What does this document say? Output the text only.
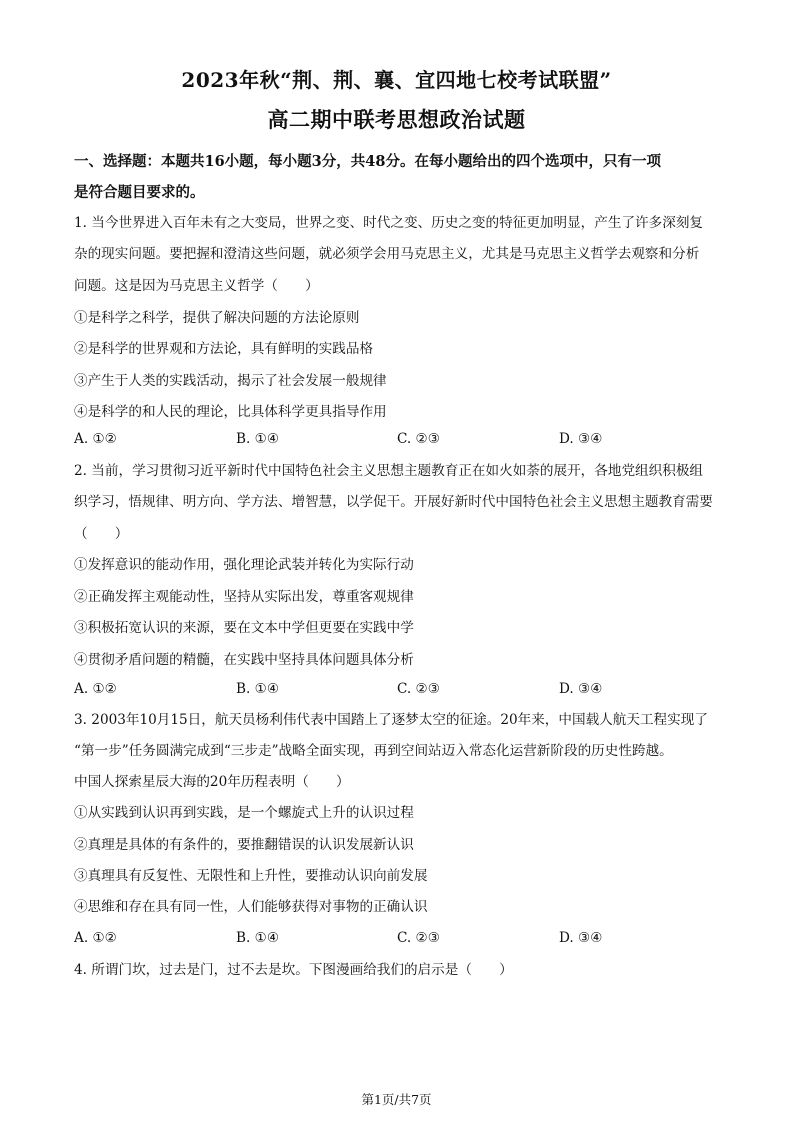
2023年秋“荆、荆、襄、宜四地七校考试联盟”
高二期中联考思想政治试题
一、选择题：本题共16小题，每小题3分，共48分。在每小题给出的四个选项中，只有一项
是符合题目要求的。
1. 当今世界进入百年未有之大变局，世界之变、时代之变、历史之变的特征更加明显，产生了许多深刻复
杂的现实问题。要把握和澄清这些问题，就必须学会用马克思主义，尤其是马克思主义哲学去观察和分析
问题。这是因为马克思主义哲学（　　）
①是科学之科学，提供了解决问题的方法论原则
②是科学的世界观和方法论，具有鲜明的实践品格
③产生于人类的实践活动，揭示了社会发展一般规律
④是科学的和人民的理论，比具体科学更具指导作用
A. ①②	B. ①④	C. ②③	D. ③④
2. 当前，学习贯彻习近平新时代中国特色社会主义思想主题教育正在如火如荼的展开，各地党组织积极组
织学习，悟规律、明方向、学方法、增智慧，以学促干。开展好新时代中国特色社会主义思想主题教育需要
（　　）
①发挥意识的能动作用，强化理论武装并转化为实际行动
②正确发挥主观能动性，坚持从实际出发，尊重客观规律
③积极拓宽认识的来源，要在文本中学但更要在实践中学
④贯彻矛盾问题的精髓，在实践中坚持具体问题具体分析
A. ①②	B. ①④	C. ②③	D. ③④
3. 2003年10月15日，航天员杨利伟代表中国踏上了逐梦太空的征途。20年来，中国载人航天工程实现了
“第一步”任务圆满完成到“三步走”战略全面实现，再到空间站迈入常态化运营新阶段的历史性跨越。
中国人探索星辰大海的20年历程表明（　　）
①从实践到认识再到实践，是一个螺旋式上升的认识过程
②真理是具体的有条件的，要推翻错误的认识发展新认识
③真理具有反复性、无限性和上升性，要推动认识向前发展
④思维和存在具有同一性，人们能够获得对事物的正确认识
A. ①②	B. ①④	C. ②③	D. ③④
4. 所谓门坎，过去是门，过不去是坎。下图漫画给我们的启示是（　　）
第1页/共7页
